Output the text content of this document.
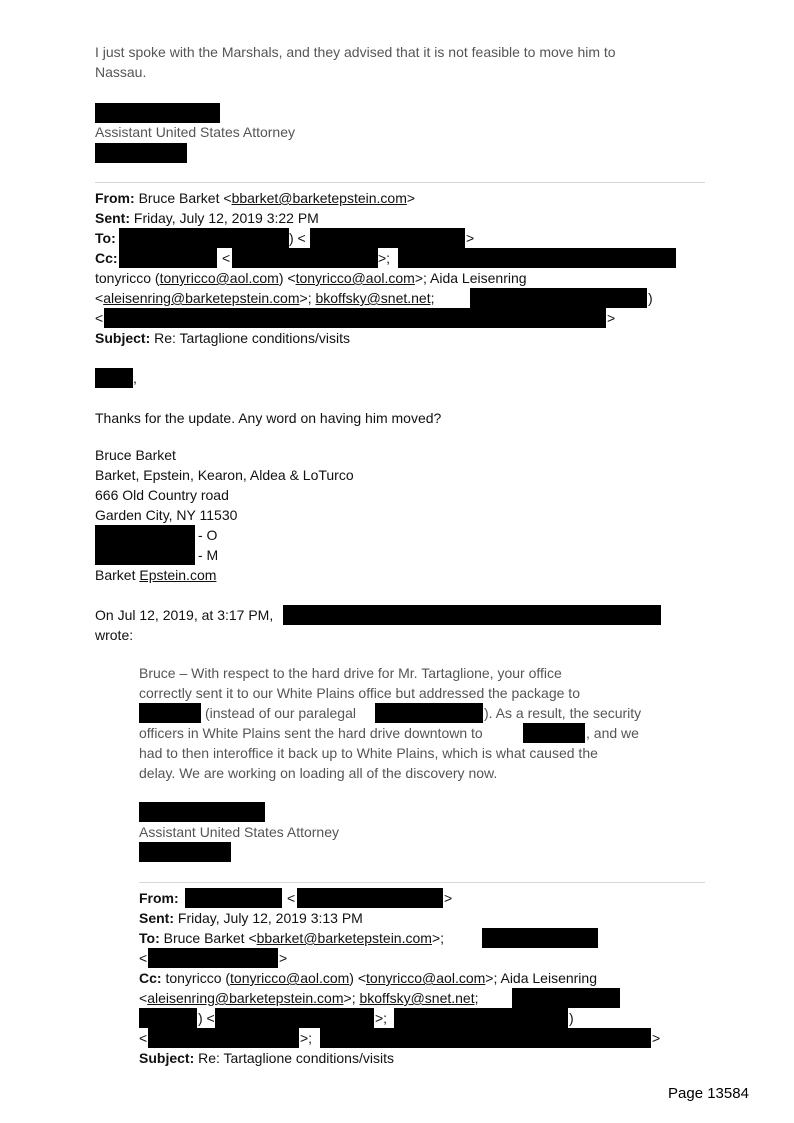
I just spoke with the Marshals, and they advised that it is not feasible to move him to
Nassau.
Assistant United States Attorney
From: Bruce Barket <bbarket@barketepstein.com>
Sent: Friday, July 12, 2019 3:22 PM
To:	) <	>
Cc:	<	>;
tonyricco (tonyricco@aol.com) <tonyricco@aol.com>; Aida Leisenring
<aleisenring@barketepstein.com>; bkoffsky@snet.net;	)
<	>
Subject: Re: Tartaglione conditions/visits
,
Thanks for the update. Any word on having him moved?
Bruce Barket
Barket, Epstein, Kearon, Aldea & LoTurco
666 Old Country road
Garden City, NY 11530
- O
- M
Barket Epstein.com
On Jul 12, 2019, at 3:17 PM,
wrote:
Bruce – With respect to the hard drive for Mr. Tartaglione, your office
correctly sent it to our White Plains office but addressed the package to
(instead of our paralegal	). As a result, the security
officers in White Plains sent the hard drive downtown to	, and we
had to then interoffice it back up to White Plains, which is what caused the
delay. We are working on loading all of the discovery now.
Assistant United States Attorney
From:	<	>
Sent: Friday, July 12, 2019 3:13 PM
To: Bruce Barket <bbarket@barketepstein.com>;
<	>
Cc: tonyricco (tonyricco@aol.com) <tonyricco@aol.com>; Aida Leisenring
<aleisenring@barketepstein.com>; bkoffsky@snet.net;
) <	>;	)
<	>;	>
Subject: Re: Tartaglione conditions/visits
Page 13584
